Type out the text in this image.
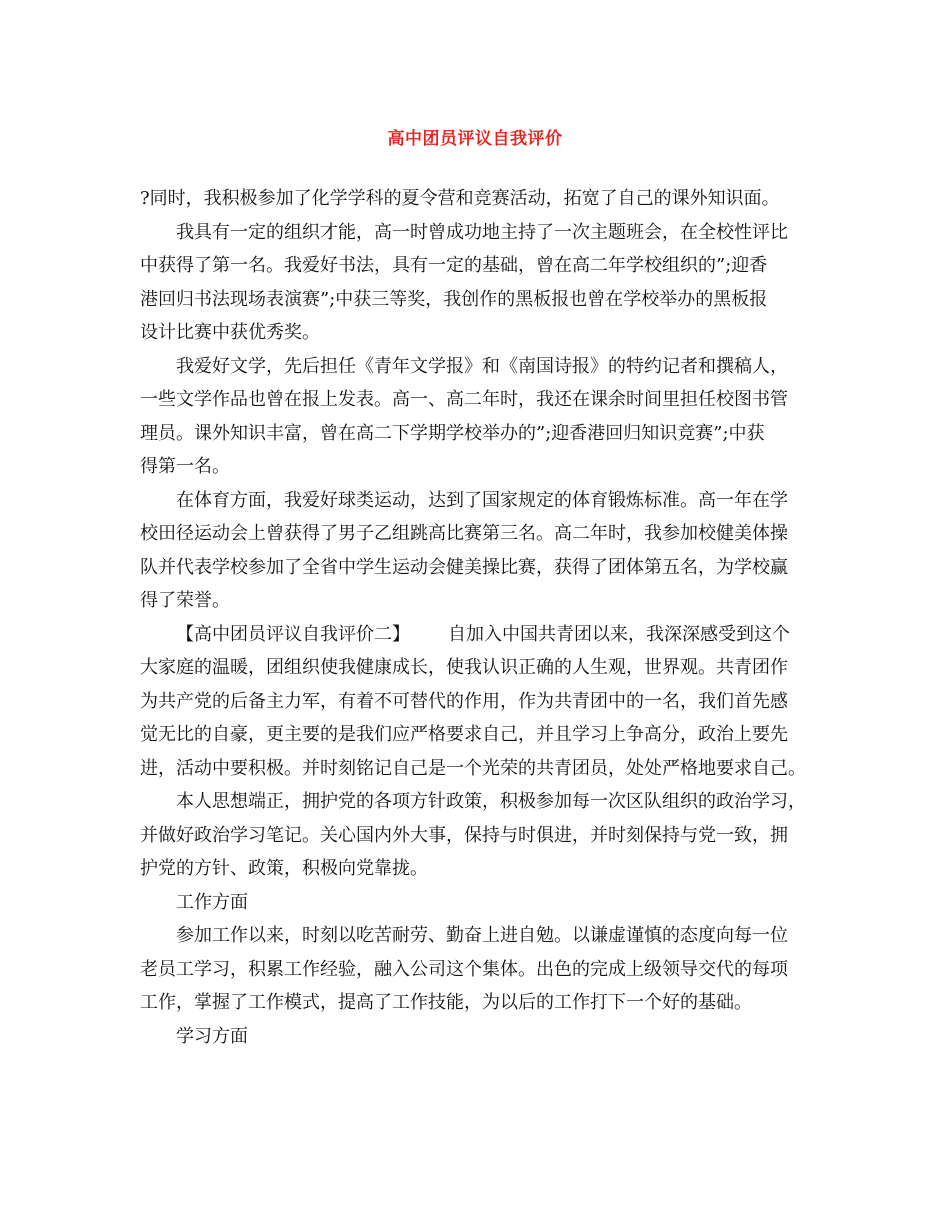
高中团员评议自我评价
?同时，我积极参加了化学学科的夏令营和竞赛活动，拓宽了自己的课外知识面。
我具有一定的组织才能，高一时曾成功地主持了一次主题班会，在全校性评比
中获得了第一名。我爱好书法，具有一定的基础，曾在高二年学校组织的”;迎香
港回归书法现场表演赛”;中获三等奖，我创作的黑板报也曾在学校举办的黑板报
设计比赛中获优秀奖。
我爱好文学，先后担任《青年文学报》和《南国诗报》的特约记者和撰稿人，
一些文学作品也曾在报上发表。高一、高二年时，我还在课余时间里担任校图书管
理员。课外知识丰富，曾在高二下学期学校举办的”;迎香港回归知识竞赛”;中获
得第一名。
在体育方面，我爱好球类运动，达到了国家规定的体育锻炼标准。高一年在学
校田径运动会上曾获得了男子乙组跳高比赛第三名。高二年时，我参加校健美体操
队并代表学校参加了全省中学生运动会健美操比赛，获得了团体第五名，为学校赢
得了荣誉。
【高中团员评议自我评价二】 自加入中国共青团以来，我深深感受到这个
大家庭的温暖，团组织使我健康成长，使我认识正确的人生观，世界观。共青团作
为共产党的后备主力军，有着不可替代的作用，作为共青团中的一名，我们首先感
觉无比的自豪，更主要的是我们应严格要求自己，并且学习上争高分，政治上要先
进，活动中要积极。并时刻铭记自己是一个光荣的共青团员，处处严格地要求自己。
本人思想端正，拥护党的各项方针政策，积极参加每一次区队组织的政治学习，
并做好政治学习笔记。关心国内外大事，保持与时俱进，并时刻保持与党一致，拥
护党的方针、政策，积极向党靠拢。
工作方面
参加工作以来，时刻以吃苦耐劳、勤奋上进自勉。以谦虚谨慎的态度向每一位
老员工学习，积累工作经验，融入公司这个集体。出色的完成上级领导交代的每项
工作，掌握了工作模式，提高了工作技能，为以后的工作打下一个好的基础。
学习方面
